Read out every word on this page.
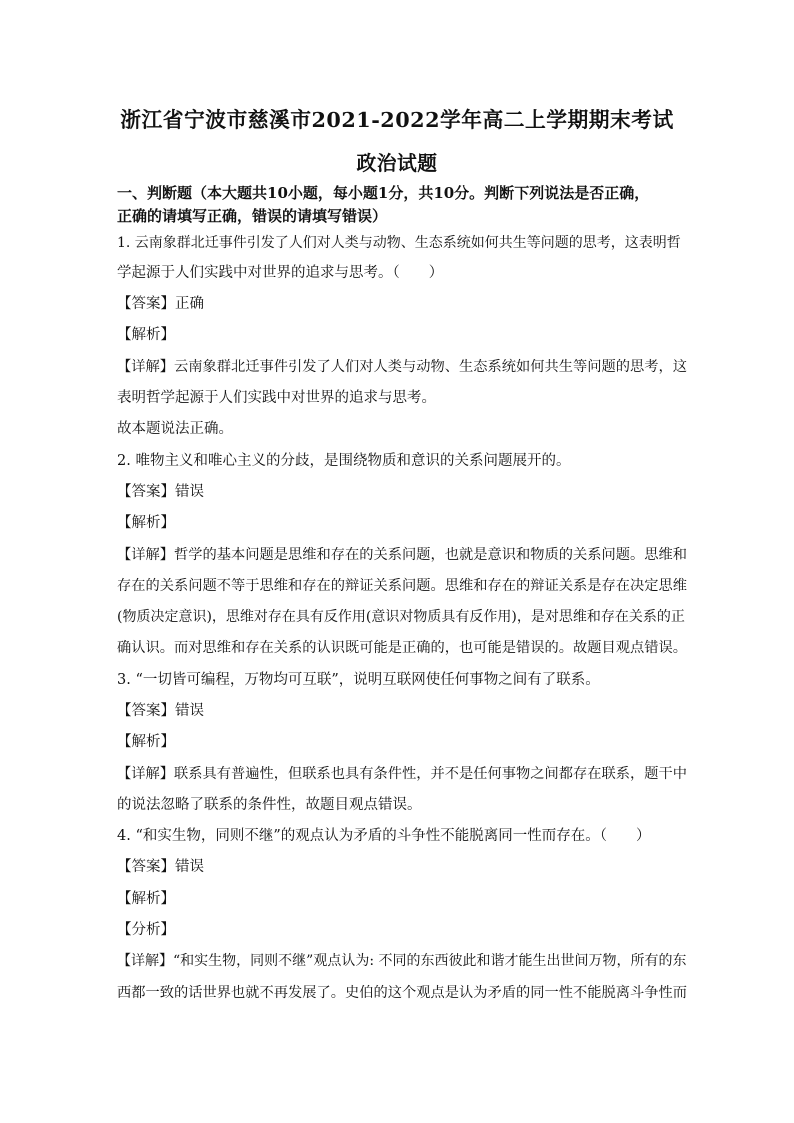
浙江省宁波市慈溪市2021-2022学年高二上学期期末考试
政治试题
一、判断题（本大题共10小题，每小题1分，共10分。判断下列说法是否正确，
正确的请填写正确，错误的请填写错误）
1. 云南象群北迁事件引发了人们对人类与动物、生态系统如何共生等问题的思考，这表明哲
学起源于人们实践中对世界的追求与思考。（　　）
【答案】正确
【解析】
【详解】云南象群北迁事件引发了人们对人类与动物、生态系统如何共生等问题的思考，这
表明哲学起源于人们实践中对世界的追求与思考。
故本题说法正确。
2. 唯物主义和唯心主义的分歧，是围绕物质和意识的关系问题展开的。
【答案】错误
【解析】
【详解】哲学的基本问题是思维和存在的关系问题，也就是意识和物质的关系问题。思维和
存在的关系问题不等于思维和存在的辩证关系问题。思维和存在的辩证关系是存在决定思维
(物质决定意识)，思维对存在具有反作用(意识对物质具有反作用)，是对思维和存在关系的正
确认识。而对思维和存在关系的认识既可能是正确的，也可能是错误的。故题目观点错误。
3. “一切皆可编程，万物均可互联”，说明互联网使任何事物之间有了联系。
【答案】错误
【解析】
【详解】联系具有普遍性，但联系也具有条件性，并不是任何事物之间都存在联系，题干中
的说法忽略了联系的条件性，故题目观点错误。
4. “和实生物，同则不继”的观点认为矛盾的斗争性不能脱离同一性而存在。（　　）
【答案】错误
【解析】
【分析】
【详解】“和实生物，同则不继”观点认为: 不同的东西彼此和谐才能生出世间万物，所有的东
西都一致的话世界也就不再发展了。史伯的这个观点是认为矛盾的同一性不能脱离斗争性而
